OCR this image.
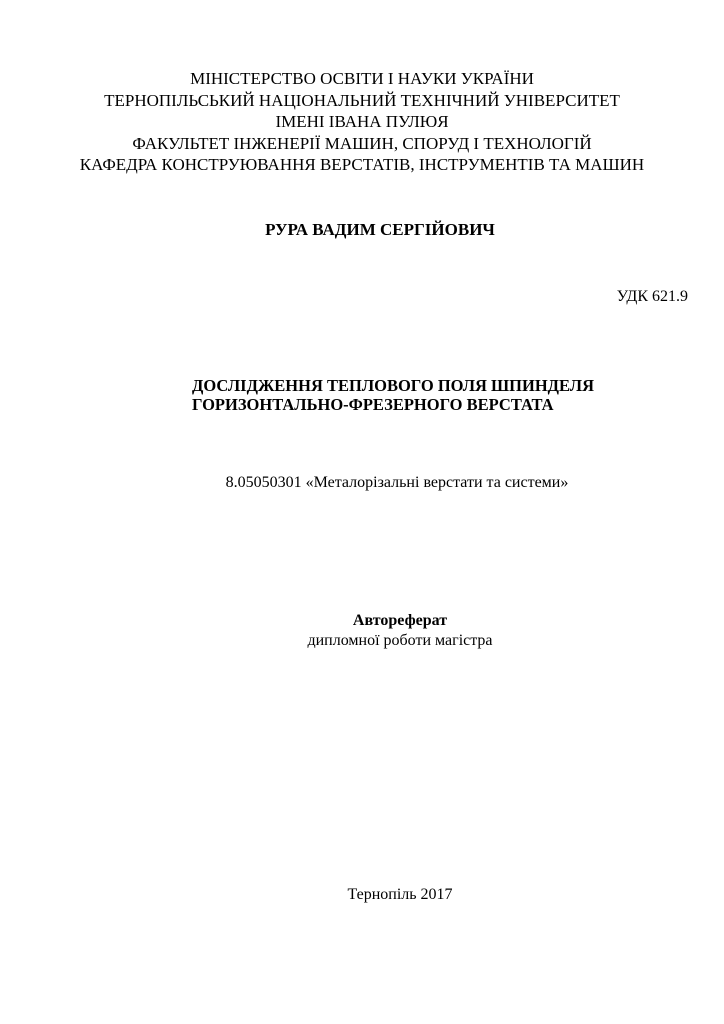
МІНІСТЕРСТВО ОСВІТИ І НАУКИ УКРАЇНИ
ТЕРНОПІЛЬСЬКИЙ НАЦІОНАЛЬНИЙ ТЕХНІЧНИЙ УНІВЕРСИТЕТ
ІМЕНІ ІВАНА ПУЛЮЯ
ФАКУЛЬТЕТ ІНЖЕНЕРІЇ МАШИН, СПОРУД І ТЕХНОЛОГІЙ
КАФЕДРА КОНСТРУЮВАННЯ ВЕРСТАТІВ, ІНСТРУМЕНТІВ ТА МАШИН
РУРА ВАДИМ СЕРГІЙОВИЧ
УДК 621.9
ДОСЛІДЖЕННЯ ТЕПЛОВОГО ПОЛЯ ШПИНДЕЛЯ
ГОРИЗОНТАЛЬНО-ФРЕЗЕРНОГО ВЕРСТАТА
8.05050301 «Металорізальні верстати та системи»
Автореферат
дипломної роботи магістра
Тернопіль 2017
